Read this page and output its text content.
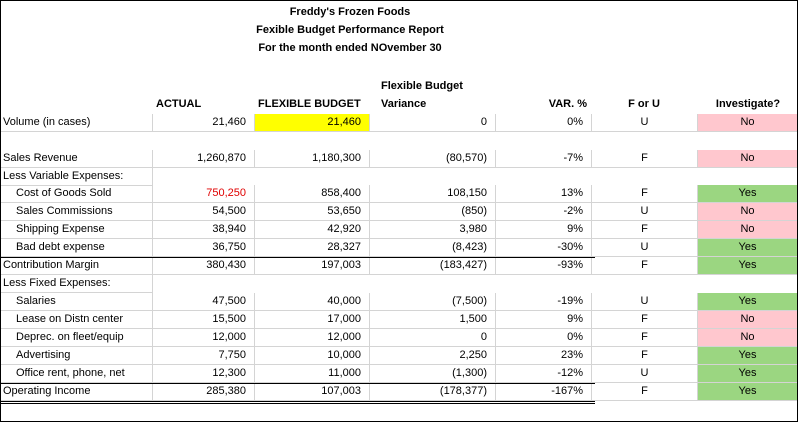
Freddy's Frozen Foods
Fexible Budget Performance Report
For the month ended NOvember 30
ACTUAL	FLEXIBLE BUDGET
Flexible Budget
Variance	VAR. %	F or U	Investigate?
Volume (in cases)	21,460	21,460	0	0%	U	No
Sales Revenue	1,260,870	1,180,300	(80,570)	-7%	F	No
Less Variable Expenses:
Cost of Goods Sold	750,250	858,400	108,150	13%	F	Yes
Sales Commissions	54,500	53,650	(850)	-2%	U	No
Shipping Expense	38,940	42,920	3,980	9%	F	No
Bad debt expense	36,750	28,327	(8,423)	-30%	U	Yes
Contribution Margin	380,430	197,003	(183,427)	-93%	F	Yes
Less Fixed Expenses:
Salaries	47,500	40,000	(7,500)	-19%	U	Yes
Lease on Distn center	15,500	17,000	1,500	9%	F	No
Deprec. on fleet/equip	12,000	12,000	0	0%	F	No
Advertising	7,750	10,000	2,250	23%	F	Yes
Office rent, phone, net	12,300	11,000	(1,300)	-12%	U	Yes
Operating Income	285,380	107,003	(178,377)	-167%	F	Yes
